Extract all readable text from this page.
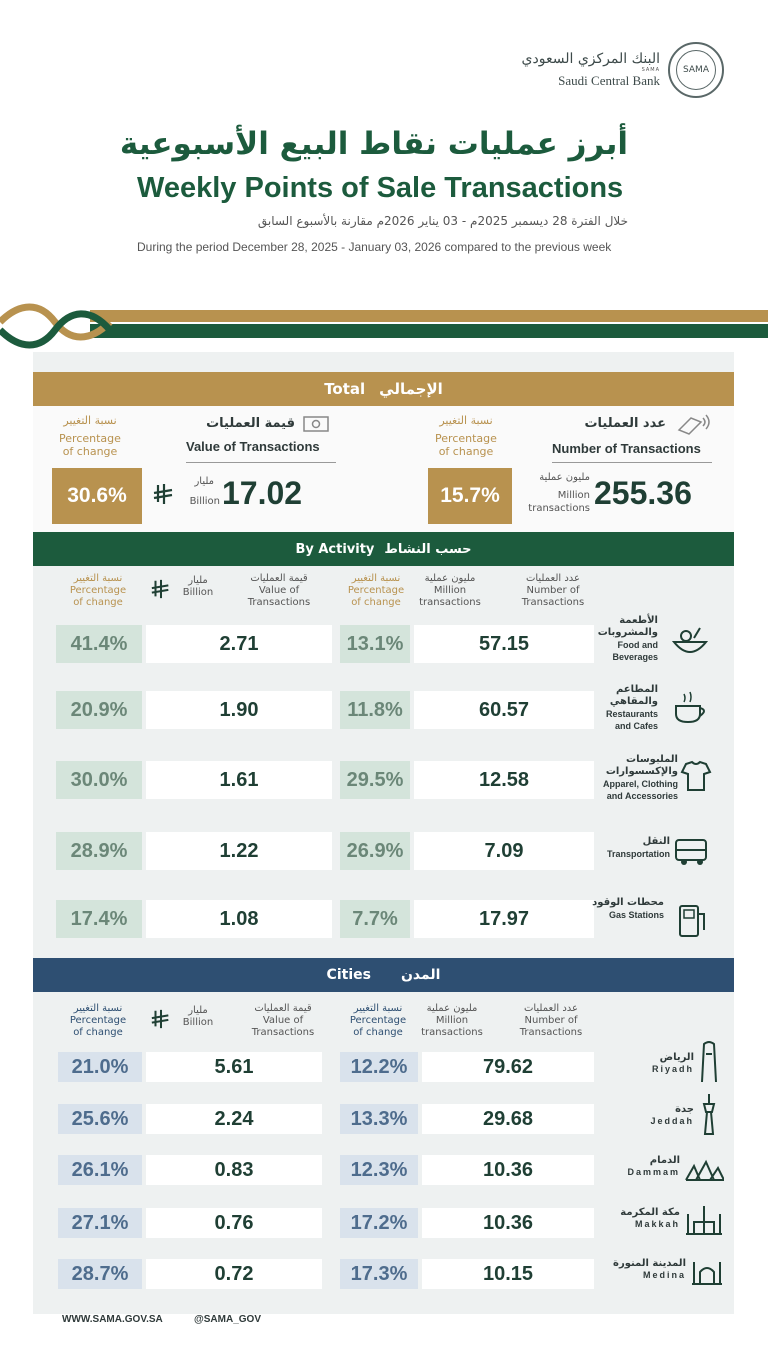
البنك المركزي السعودي
SAMA
Saudi Central Bank
SAMA
أبرز عمليات نقاط البيع الأسبوعية
Weekly Points of Sale Transactions
خلال الفترة 28 ديسمبر 2025م - 03 يناير 2026م مقارنة بالأسبوع السابق
During the period December 28, 2025 - January 03, 2026 compared to the previous week
Total الإجمالي
نسبة التغيير
Percentage
of change
قيمة العمليات
Value of Transactions
30.6%
مليار
Billion 17.02
نسبة التغيير
Percentage
of change
عدد العمليات
Number of Transactions
15.7%
مليون عملية
Million
transactions 255.36
By Activity حسب النشاط
نسبة التغيير
Percentage
of change
مليار
Billion
قيمة العمليات
Value of
Transactions
نسبة التغيير
Percentage
of change
مليون عملية
Million
transactions
عدد العمليات
Number of
Transactions
41.4%	2.71	13.1%	57.15
الأطعمة والمشروبات
Food and
Beverages
20.9%	1.90	11.8%	60.57
المطاعم والمقاهي
Restaurants
and Cafes
30.0%	1.61	29.5%	12.58
الملبوسات والإكسسوارات
Apparel, Clothing
and Accessories
28.9%	1.22	26.9%	7.09	النقل
Transportation
17.4%	1.08	7.7%	17.97
محطات الوقود
Gas Stations
Cities المدن
نسبة التغيير
Percentage
of change
مليار
Billion
قيمة العمليات
Value of
Transactions
نسبة التغيير
Percentage
of change
مليون عملية
Million
transactions
عدد العمليات
Number of
Transactions
21.0%	5.61	12.2%	79.62	الرياض
Riyadh
25.6%	2.24	13.3%	29.68	جدة
Jeddah
26.1%	0.83	12.3%	10.36	الدمام
Dammam
27.1%	0.76	17.2%	10.36	مكة المكرمة
Makkah
28.7%	0.72	17.3%	10.15	المدينة المنورة
Medina
WWW.SAMA.GOV.SA	@SAMA_GOV
